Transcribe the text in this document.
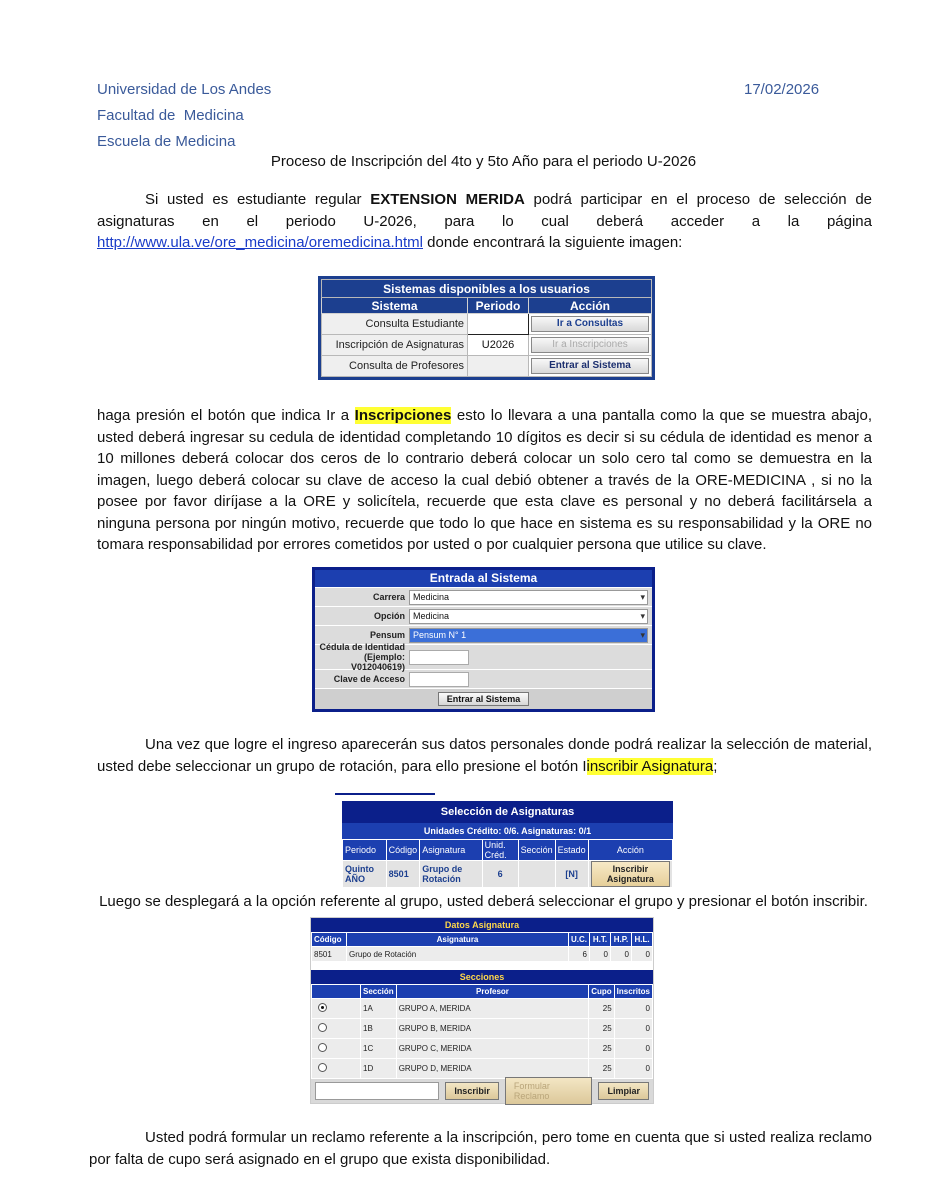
Universidad de Los Andes	17/02/2026
Facultad de  Medicina
Escuela de Medicina
Proceso de Inscripción del 4to y 5to Año para el periodo U-2026
Si usted es estudiante regular EXTENSION MERIDA podrá participar en el proceso de selección de asignaturas en el periodo U-2026, para lo cual deberá acceder a la página http://www.ula.ve/ore_medicina/oremedicina.html donde encontrará la siguiente imagen:
Sistemas disponibles a los usuarios		
Sistema	Periodo	Acción
Consulta Estudiante		Ir a Consultas
Inscripción de Asignaturas	U2026	Ir a Inscripciones
Consulta de Profesores		Entrar al Sistema
haga presión el botón que indica Ir a Inscripciones esto lo llevara a una pantalla como la que se muestra abajo, usted deberá ingresar su cedula de identidad completando 10 dígitos es decir si su cédula de identidad es menor a 10 millones deberá colocar dos ceros de lo contrario deberá colocar un solo cero tal como se demuestra en la imagen, luego deberá colocar su clave de acceso la cual debió obtener a través de la ORE-MEDICINA , si no la posee por favor diríjase a la ORE y solicítela, recuerde que esta clave es personal y no deberá facilitársela a ninguna persona por ningún motivo, recuerde que todo lo que hace en sistema es su responsabilidad y la ORE no tomara responsabilidad por errores cometidos por usted o por cualquier persona que utilice su clave.
Entrada al Sistema
Carrera Medicina ▾
Opción Medicina ▾
Pensum Pensum N° 1 ▾
Cédula de Identidad
(Ejemplo: V012040619)
Clave de Acceso
Entrar al Sistema
Una vez que logre el ingreso aparecerán sus datos personales donde podrá realizar la selección de material, usted debe seleccionar un grupo de rotación, para ello presione el botón Iinscribir Asignatura;
Selección de Asignaturas
Unidades Crédito: 0/6. Asignaturas: 0/1
Periodo	Código	Asignatura	Unid. Créd.	Sección	Estado	Acción
Quinto AÑO	8501	Grupo de Rotación	6		[N]	Inscribir Asignatura
Luego se desplegará a la opción referente al grupo, usted deberá seleccionar el grupo y presionar el botón inscribir.
Datos Asignatura
Código	Asignatura	U.C.	H.T.	H.P.	H.L.
8501	Grupo de Rotación	6	0	0	0
Secciones
	Sección	Profesor	Cupo	Inscritos
	1A	GRUPO A, MERIDA	25	0
	1B	GRUPO B, MERIDA	25	0
	1C	GRUPO C, MERIDA	25	0
	1D	GRUPO D, MERIDA	25	0
Inscribir	Formular Reclamo	Limpiar
Usted podrá formular un reclamo referente a la inscripción, pero tome en cuenta que si usted realiza reclamo por falta de cupo será asignado en el grupo que exista disponibilidad.
